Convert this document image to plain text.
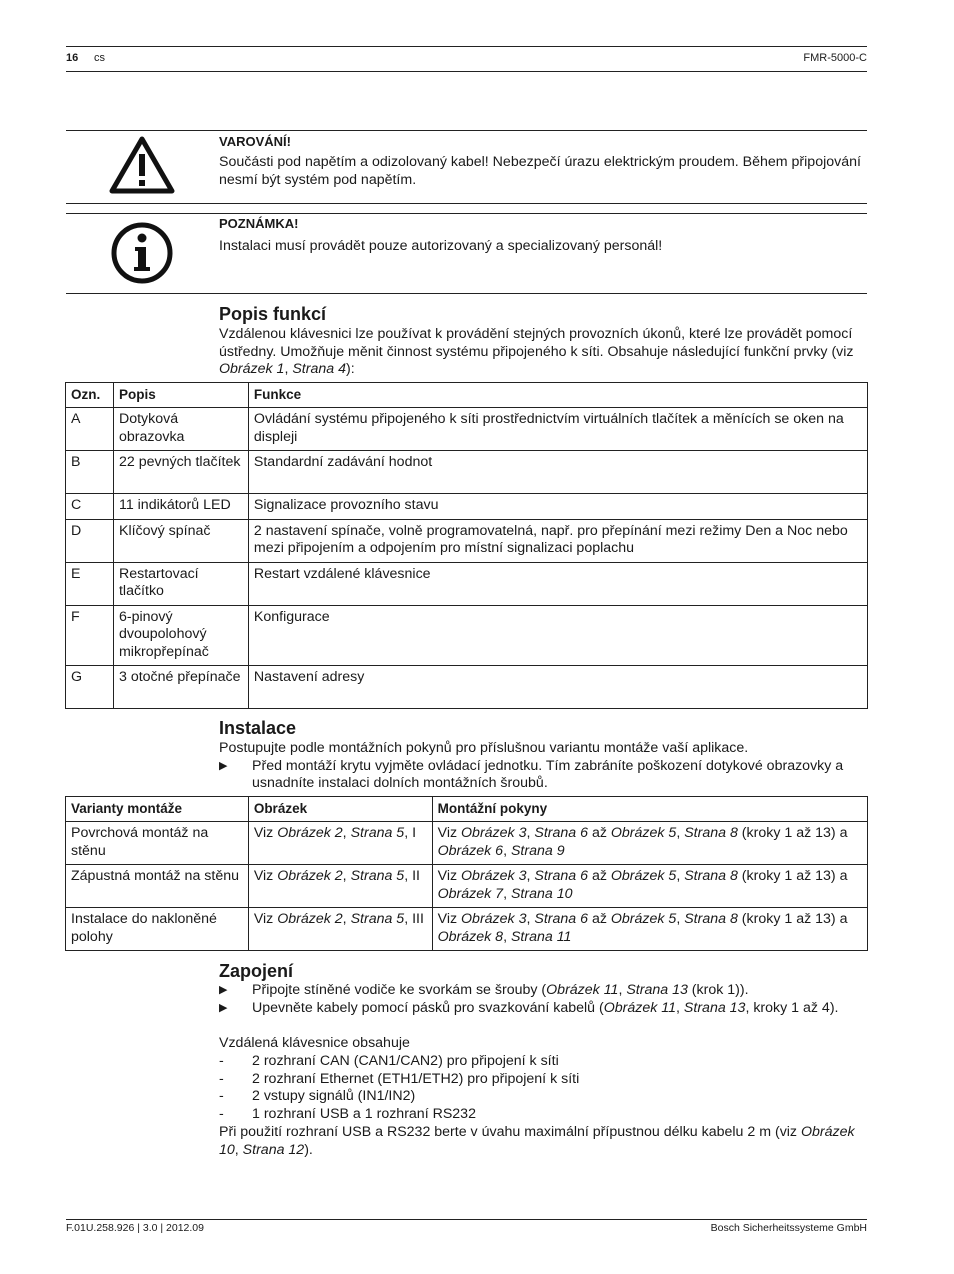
16 cs	FMR-5000-C
VAROVÁNÍ!
Součásti pod napětím a odizolovaný kabel! Nebezpečí úrazu elektrickým proudem. Během připojování nesmí být systém pod napětím.
POZNÁMKA!
Instalaci musí provádět pouze autorizovaný a specializovaný personál!
Popis funkcí
Vzdálenou klávesnici lze používat k provádění stejných provozních úkonů, které lze provádět pomocí ústředny. Umožňuje měnit činnost systému připojeného k síti. Obsahuje následující funkční prvky (viz Obrázek 1, Strana 4):
Ozn.	Popis	Funkce
A	Dotyková obrazovka	Ovládání systému připojeného k síti prostřednictvím virtuálních tlačítek a měnících se oken na displeji
B	22 pevných tlačítek	Standardní zadávání hodnot
C	11 indikátorů LED	Signalizace provozního stavu
D	Klíčový spínač	2 nastavení spínače, volně programovatelná, např. pro přepínání mezi režimy Den a Noc nebo mezi připojením a odpojením pro místní signalizaci poplachu
E	Restartovací tlačítko	Restart vzdálené klávesnice
F	6-pinový dvoupolohový mikropřepínač	Konfigurace
G	3 otočné přepínače	Nastavení adresy
Instalace
Postupujte podle montážních pokynů pro příslušnou variantu montáže vaší aplikace.
▶ Před montáží krytu vyjměte ovládací jednotku. Tím zabráníte poškození dotykové obrazovky a usnadníte instalaci dolních montážních šroubů.
Varianty montáže	Obrázek	Montážní pokyny
Povrchová montáž na stěnu	Viz Obrázek 2, Strana 5, I	Viz Obrázek 3, Strana 6 až Obrázek 5, Strana 8 (kroky 1 až 13) a Obrázek 6, Strana 9
Zápustná montáž na stěnu	Viz Obrázek 2, Strana 5, II	Viz Obrázek 3, Strana 6 až Obrázek 5, Strana 8 (kroky 1 až 13) a Obrázek 7, Strana 10
Instalace do nakloněné polohy	Viz Obrázek 2, Strana 5, III	Viz Obrázek 3, Strana 6 až Obrázek 5, Strana 8 (kroky 1 až 13) a Obrázek 8, Strana 11
Zapojení
▶ Připojte stíněné vodiče ke svorkám se šrouby (Obrázek 11, Strana 13 (krok 1)).
▶ Upevněte kabely pomocí pásků pro svazkování kabelů (Obrázek 11, Strana 13, kroky 1 až 4).
Vzdálená klávesnice obsahuje
- 2 rozhraní CAN (CAN1/CAN2) pro připojení k síti
- 2 rozhraní Ethernet (ETH1/ETH2) pro připojení k síti
- 2 vstupy signálů (IN1/IN2)
- 1 rozhraní USB a 1 rozhraní RS232
Při použití rozhraní USB a RS232 berte v úvahu maximální přípustnou délku kabelu 2 m (viz Obrázek 10, Strana 12).
F.01U.258.926 | 3.0 | 2012.09	Bosch Sicherheitssysteme GmbH
